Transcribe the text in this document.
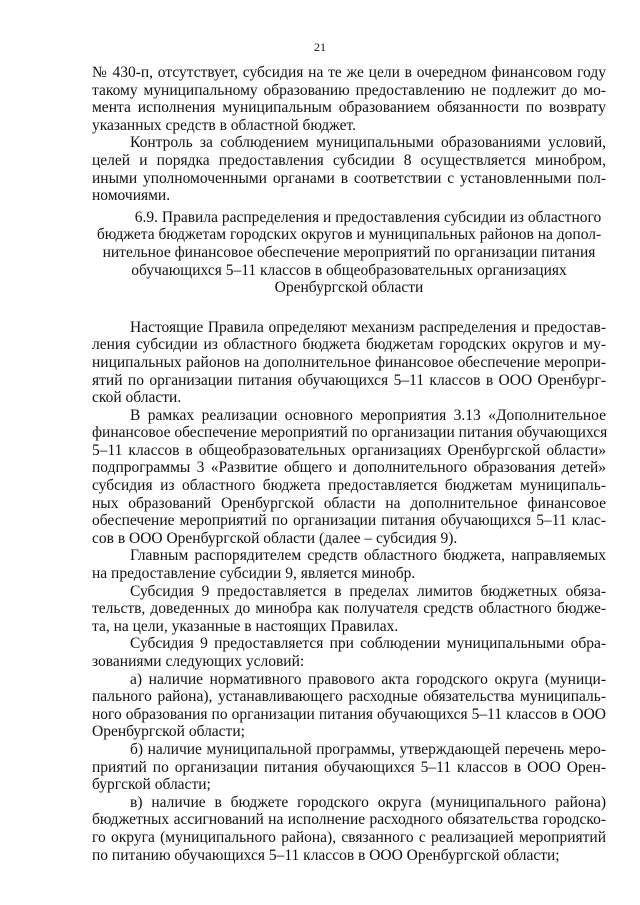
21
№ 430-п, отсутствует, субсидия на те же цели в очередном финансовом году
такому муниципальному образованию предоставлению не подлежит до мо-
мента исполнения муниципальным образованием обязанности по возврату
указанных средств в областной бюджет.
Контроль за соблюдением муниципальными образованиями условий,
целей и порядка предоставления субсидии 8 осуществляется минобром,
иными уполномоченными органами в соответствии с установленными пол-
номочиями.
6.9. Правила распределения и предоставления субсидии из областного
бюджета бюджетам городских округов и муниципальных районов на допол-
нительное финансовое обеспечение мероприятий по организации питания
обучающихся 5–11 классов в общеобразовательных организациях
Оренбургской области
Настоящие Правила определяют механизм распределения и предостав-
ления субсидии из областного бюджета бюджетам городских округов и му-
ниципальных районов на дополнительное финансовое обеспечение меропри-
ятий по организации питания обучающихся 5–11 классов в ООО Оренбург-
ской области.
В рамках реализации основного мероприятия 3.13 «Дополнительное
финансовое обеспечение мероприятий по организации питания обучающихся
5–11 классов в общеобразовательных организациях Оренбургской области»
подпрограммы 3 «Развитие общего и дополнительного образования детей»
субсидия из областного бюджета предоставляется бюджетам муниципаль-
ных образований Оренбургской области на дополнительное финансовое
обеспечение мероприятий по организации питания обучающихся 5–11 клас-
сов в ООО Оренбургской области (далее – субсидия 9).
Главным распорядителем средств областного бюджета, направляемых
на предоставление субсидии 9, является минобр.
Субсидия 9 предоставляется в пределах лимитов бюджетных обяза-
тельств, доведенных до минобра как получателя средств областного бюдже-
та, на цели, указанные в настоящих Правилах.
Субсидия 9 предоставляется при соблюдении муниципальными обра-
зованиями следующих условий:
а) наличие нормативного правового акта городского округа (муници-
пального района), устанавливающего расходные обязательства муниципаль-
ного образования по организации питания обучающихся 5–11 классов в ООО
Оренбургской области;
б) наличие муниципальной программы, утверждающей перечень меро-
приятий по организации питания обучающихся 5–11 классов в ООО Орен-
бургской области;
в) наличие в бюджете городского округа (муниципального района)
бюджетных ассигнований на исполнение расходного обязательства городско-
го округа (муниципального района), связанного с реализацией мероприятий
по питанию обучающихся 5–11 классов в ООО Оренбургской области;
